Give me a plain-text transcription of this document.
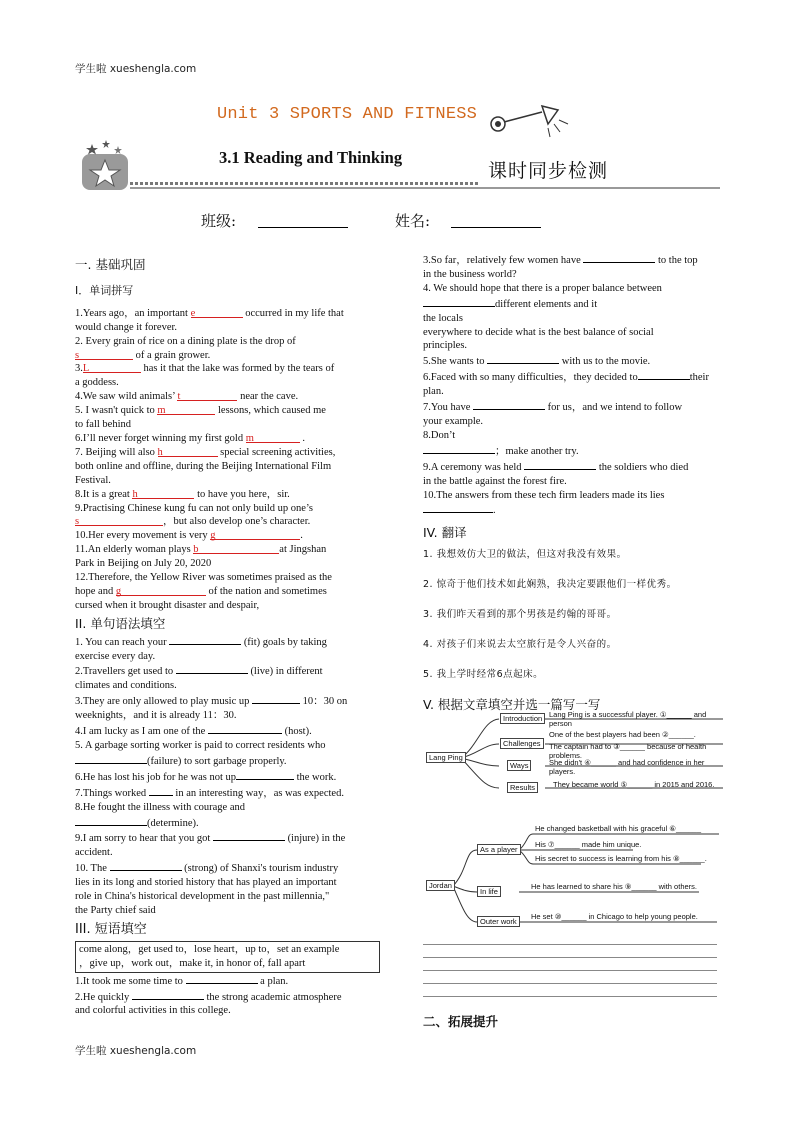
学生啦 xueshengla.com
Unit 3 SPORTS AND FITNESS
3.1 Reading and Thinking
课时同步检测
班级:	姓名:
一. 基础巩固
I．单词拼写

1.Years ago，an important e	occurred in my life that
would change it forever.

2. Every grain of rice on a dining plate is the drop of
s	of a grain grower.

3.L	has it that the lake was formed by the tears of
a goddess.

4.We saw wild animals’ t	near the cave.

5. I wasn't quick to m	lessons, which caused me
to fall behind

6.I’ll never forget winning my first gold m	.

7. Beijing will also h	special screening activities,
both online and offline, during the Beijing International Film
Festival.

8.It is a great h	to have you here，sir.

9.Practising Chinese kung fu can not only build up one’s
s	，but also develop one’s character.

10.Her every movement is very g	.

11.An elderly woman plays b	at Jingshan
Park in Beijing on July 20, 2020

12.Therefore, the Yellow River was sometimes praised as the
hope and g	of the nation and sometimes
cursed when it brought disaster and despair,

II. 单句语法填空

1. You can reach your	(fit) goals by taking
exercise every day.

2.Travellers get used to	(live) in different
climates and conditions.

3.They are only allowed to play music up	10：30 on
weeknights，and it is already 11：30.

4.I am lucky as I am one of the	(host).

5. A garbage sorting worker is paid to correct residents who
(failure) to sort garbage properly.

6.He has lost his job for he was not up	the work.

7.Things worked  in an interesting way，as was expected.

8.He fought the illness with courage and
(determine).

9.I am sorry to hear that you got	(injure) in the
accident.

10. The	(strong) of Shanxi's tourism industry
lies in its long and storied history that has played an important
role in China's historical development in the past millennia,"
the Party chief said

III. 短语填空
come along，get used to，lose heart，up to，set an example
，give up，work out，make it, in honor of, fall apart

1.It took me some time to	a plan.

2.He quickly	the strong academic atmosphere
and colorful activities in this college.

3.So far，relatively few women have	to the top
in the business world?

4. We should hope that there is a proper balance betweendifferent elements and it
the locals
everywhere to decide what is the best balance of social
principles.

5.She wants to	with us to the movie.

6.Faced with so many difficulties，they decided to	their plan.

7.You have	for us，and we intend to follow
your example.

8.Don’t
；make another try.

9.A ceremony was held	the soldiers who died
in the battle against the forest fire.

10.The answers from these tech firm leaders made its lies
.

IV. 翻译
1. 我想效仿大卫的做法，但这对我没有效果。
2. 惊奇于他们技术如此娴熟，我决定要跟他们一样优秀。
3. 我们昨天看到的那个男孩是约翰的哥哥。
4. 对孩子们来说去太空旅行是令人兴奋的。
5. 我上学时经常6点起床。
V. 根据文章填空并选一篇写一写
Lang Ping
Introduction
Challenges
Ways
Results
Lang Ping is a successful player. ①______ and person
One of the best players had been ②______.
The captain had to ③______ because of health problems.
She didn't ④______ and had confidence in her players.
They became world ⑤______ in 2015 and 2016.
Jordan
As a player
In life
Outer work
He changed basketball with his graceful ⑥______
His ⑦______ made him unique.
His secret to success is learning from his ⑧______.
He has learned to share his ⑨______ with others.
He set ⑩______ in Chicago to help young people.
二、拓展提升
学生啦 xueshengla.com
